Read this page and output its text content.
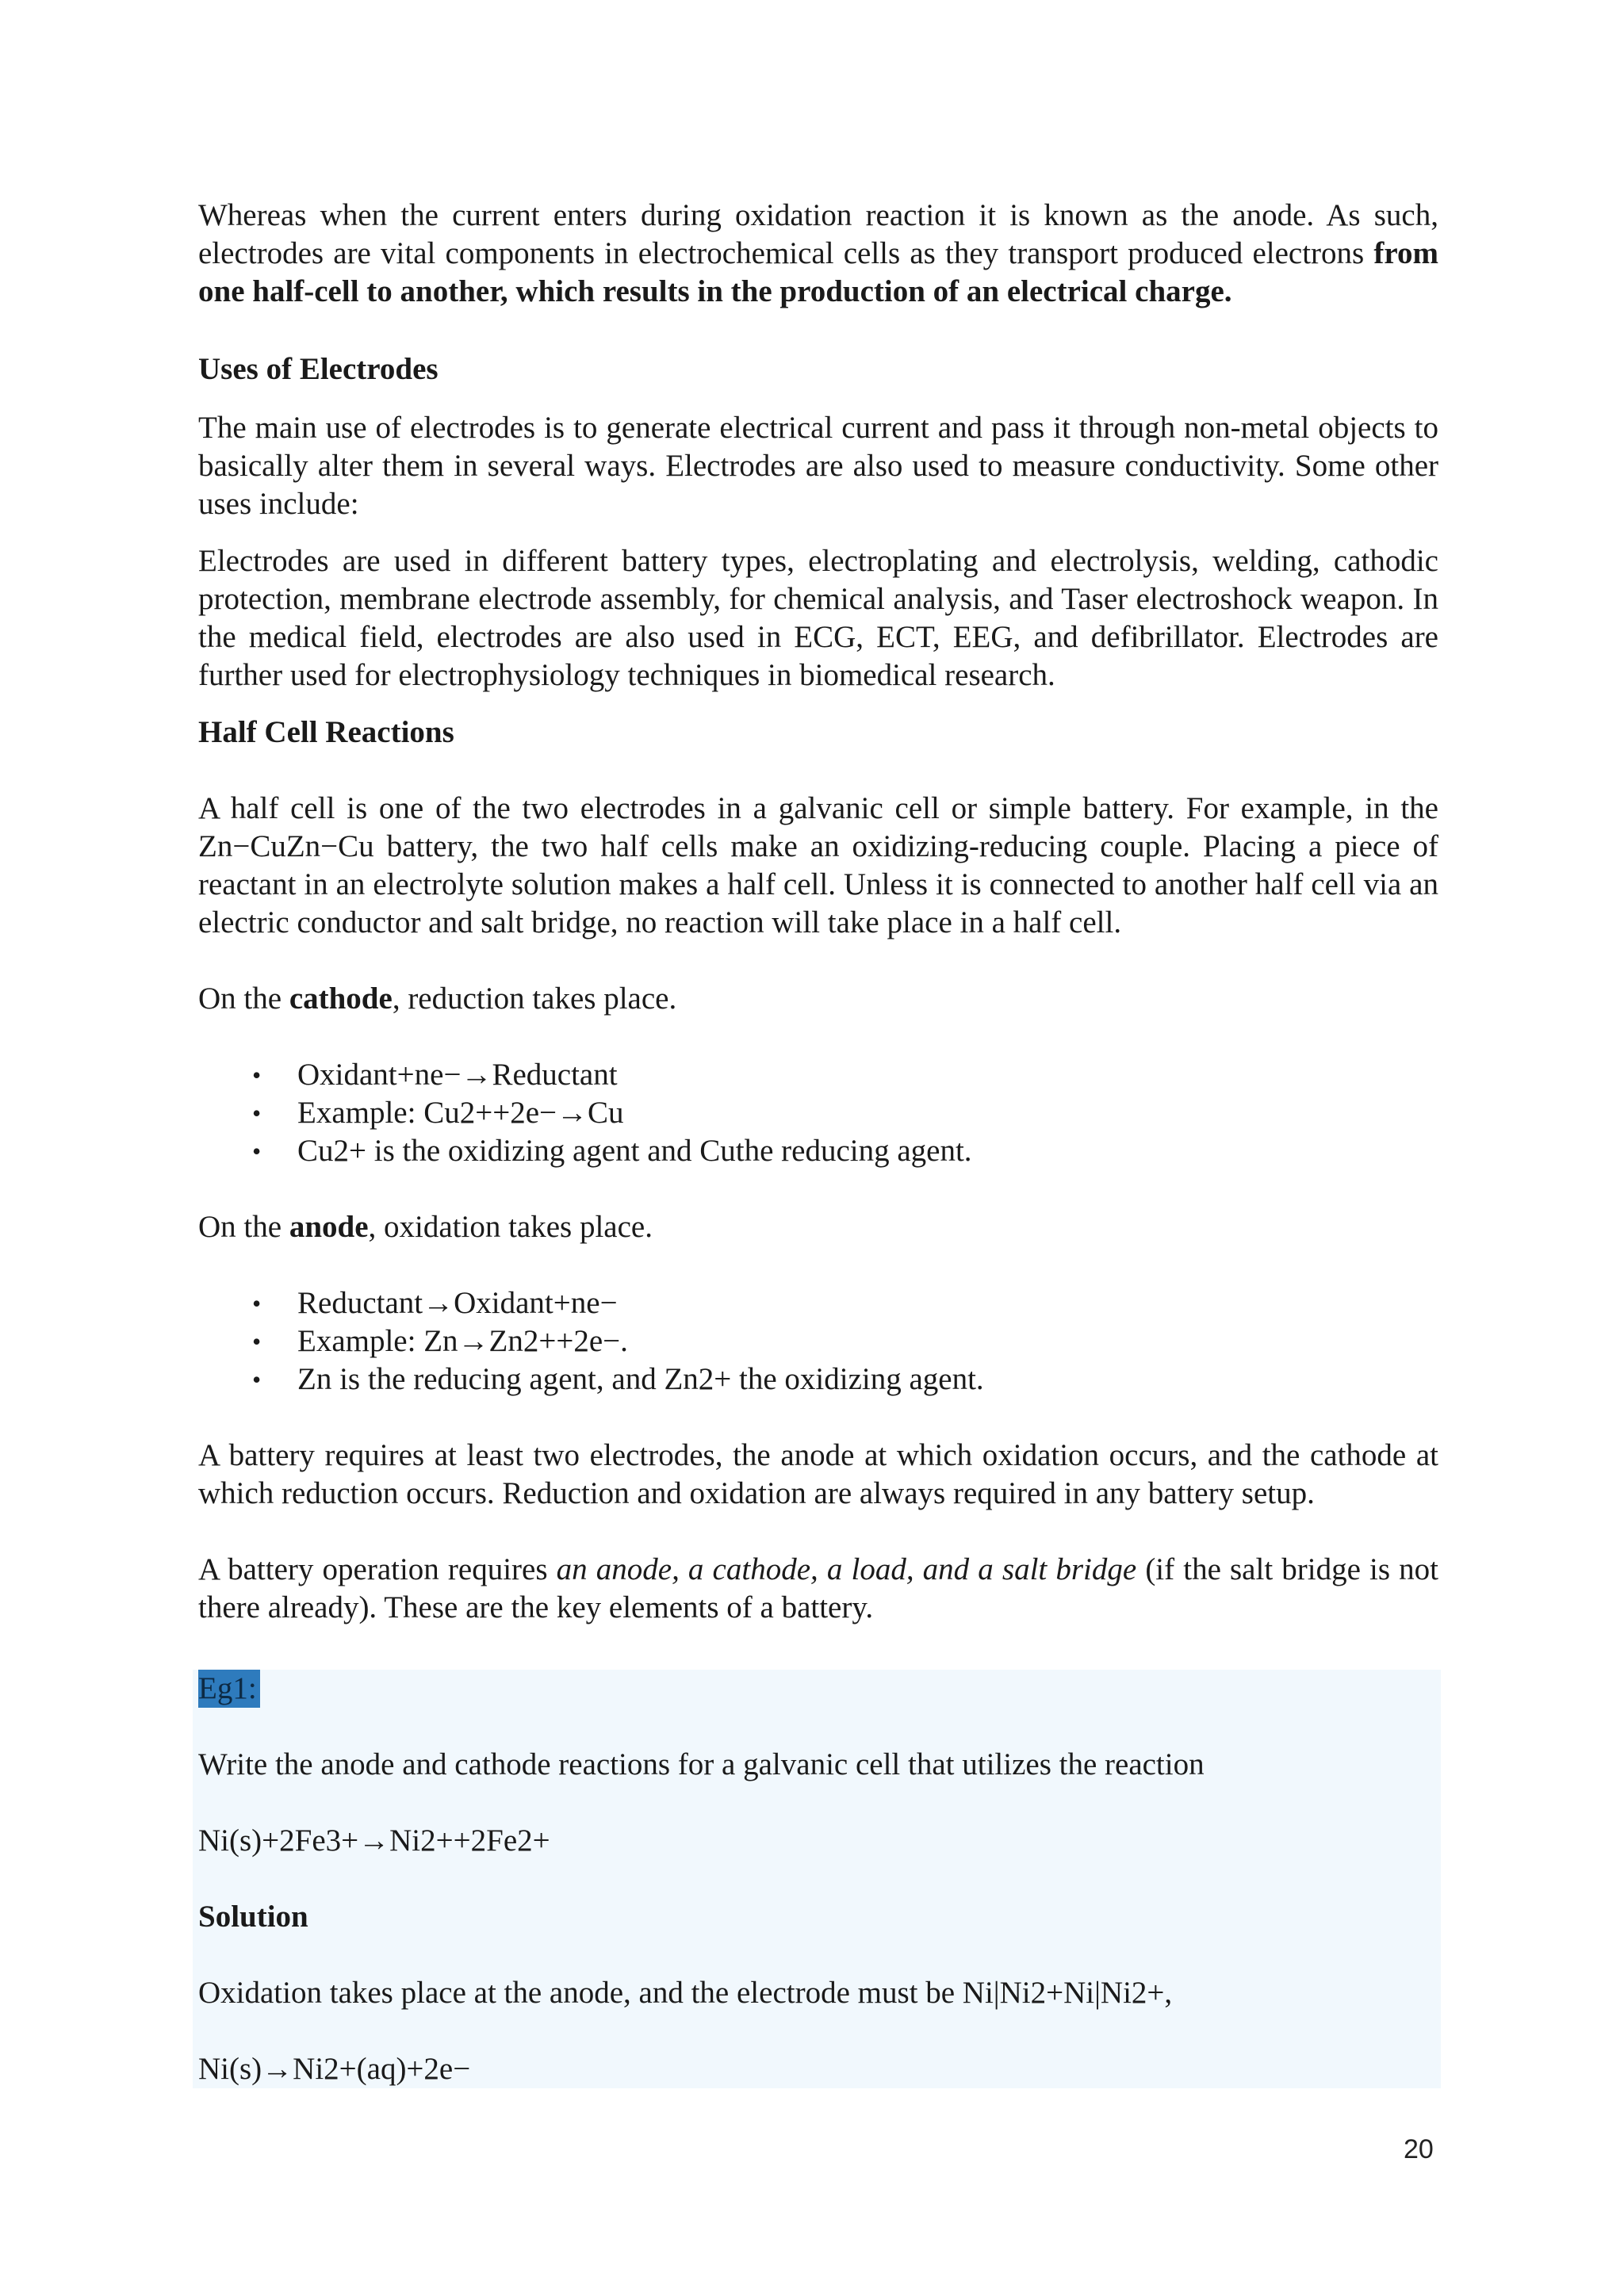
Whereas when the current enters during oxidation reaction it is known as the anode. As such, electrodes are vital components in electrochemical cells as they transport produced electrons from one half-cell to another, which results in the production of an electrical charge.

Uses of Electrodes

The main use of electrodes is to generate electrical current and pass it through non-metal objects to basically alter them in several ways. Electrodes are also used to measure conductivity. Some other uses include:

Electrodes are used in different battery types, electroplating and electrolysis, welding, cathodic protection, membrane electrode assembly, for chemical analysis, and Taser electroshock weapon. In the medical field, electrodes are also used in ECG, ECT, EEG, and defibrillator. Electrodes are further used for electrophysiology techniques in biomedical research.

Half Cell Reactions

A half cell is one of the two electrodes in a galvanic cell or simple battery. For example, in the Zn−CuZn−Cu battery, the two half cells make an oxidizing-reducing couple. Placing a piece of reactant in an electrolyte solution makes a half cell. Unless it is connected to another half cell via an electric conductor and salt bridge, no reaction will take place in a half cell.

On the cathode, reduction takes place.

• Oxidant+ne−→Reductant
• Example: Cu2++2e−→Cu
• Cu2+ is the oxidizing agent and Cuthe reducing agent.

On the anode, oxidation takes place.

• Reductant→Oxidant+ne−
• Example: Zn→Zn2++2e−.
• Zn is the reducing agent, and Zn2+ the oxidizing agent.

A battery requires at least two electrodes, the anode at which oxidation occurs, and the cathode at which reduction occurs. Reduction and oxidation are always required in any battery setup.

A battery operation requires an anode, a cathode, a load, and a salt bridge (if the salt bridge is not there already). These are the key elements of a battery.

Eg1:

Write the anode and cathode reactions for a galvanic cell that utilizes the reaction

Ni(s)+2Fe3+→Ni2++2Fe2+

Solution

Oxidation takes place at the anode, and the electrode must be Ni|Ni2+Ni|Ni2+,

Ni(s)→Ni2+(aq)+2e−

20
